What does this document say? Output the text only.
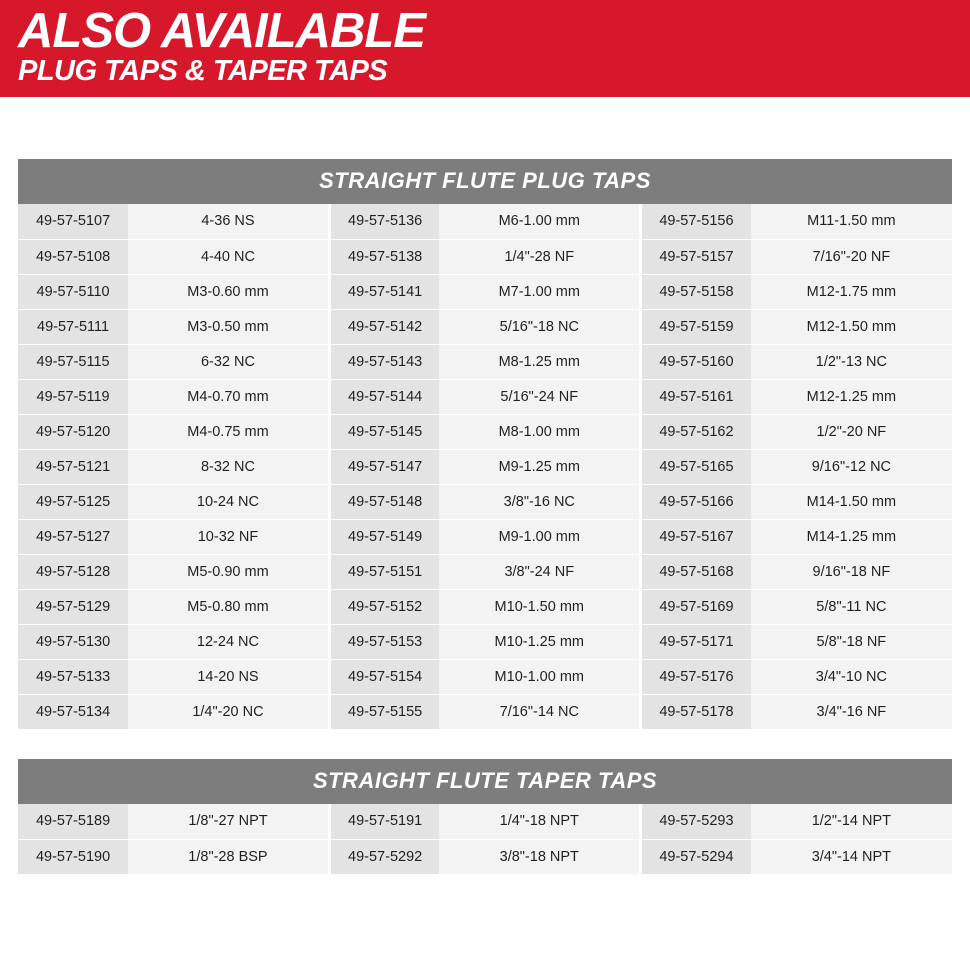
ALSO AVAILABLE
PLUG TAPS & TAPER TAPS
STRAIGHT FLUTE PLUG TAPS
49-57-5107	4-36 NS	49-57-5136	M6-1.00 mm	49-57-5156	M11-1.50 mm
49-57-5108	4-40 NC	49-57-5138	1/4"-28 NF	49-57-5157	7/16"-20 NF
49-57-5110	M3-0.60 mm	49-57-5141	M7-1.00 mm	49-57-5158	M12-1.75 mm
49-57-5111	M3-0.50 mm	49-57-5142	5/16"-18 NC	49-57-5159	M12-1.50 mm
49-57-5115	6-32 NC	49-57-5143	M8-1.25 mm	49-57-5160	1/2"-13 NC
49-57-5119	M4-0.70 mm	49-57-5144	5/16"-24 NF	49-57-5161	M12-1.25 mm
49-57-5120	M4-0.75 mm	49-57-5145	M8-1.00 mm	49-57-5162	1/2"-20 NF
49-57-5121	8-32 NC	49-57-5147	M9-1.25 mm	49-57-5165	9/16"-12 NC
49-57-5125	10-24 NC	49-57-5148	3/8"-16 NC	49-57-5166	M14-1.50 mm
49-57-5127	10-32 NF	49-57-5149	M9-1.00 mm	49-57-5167	M14-1.25 mm
49-57-5128	M5-0.90 mm	49-57-5151	3/8"-24 NF	49-57-5168	9/16"-18 NF
49-57-5129	M5-0.80 mm	49-57-5152	M10-1.50 mm	49-57-5169	5/8"-11 NC
49-57-5130	12-24 NC	49-57-5153	M10-1.25 mm	49-57-5171	5/8"-18 NF
49-57-5133	14-20 NS	49-57-5154	M10-1.00 mm	49-57-5176	3/4"-10 NC
49-57-5134	1/4"-20 NC	49-57-5155	7/16"-14 NC	49-57-5178	3/4"-16 NF
STRAIGHT FLUTE TAPER TAPS
49-57-5189	1/8"-27 NPT	49-57-5191	1/4"-18 NPT	49-57-5293	1/2"-14 NPT
49-57-5190	1/8"-28 BSP	49-57-5292	3/8"-18 NPT	49-57-5294	3/4"-14 NPT
